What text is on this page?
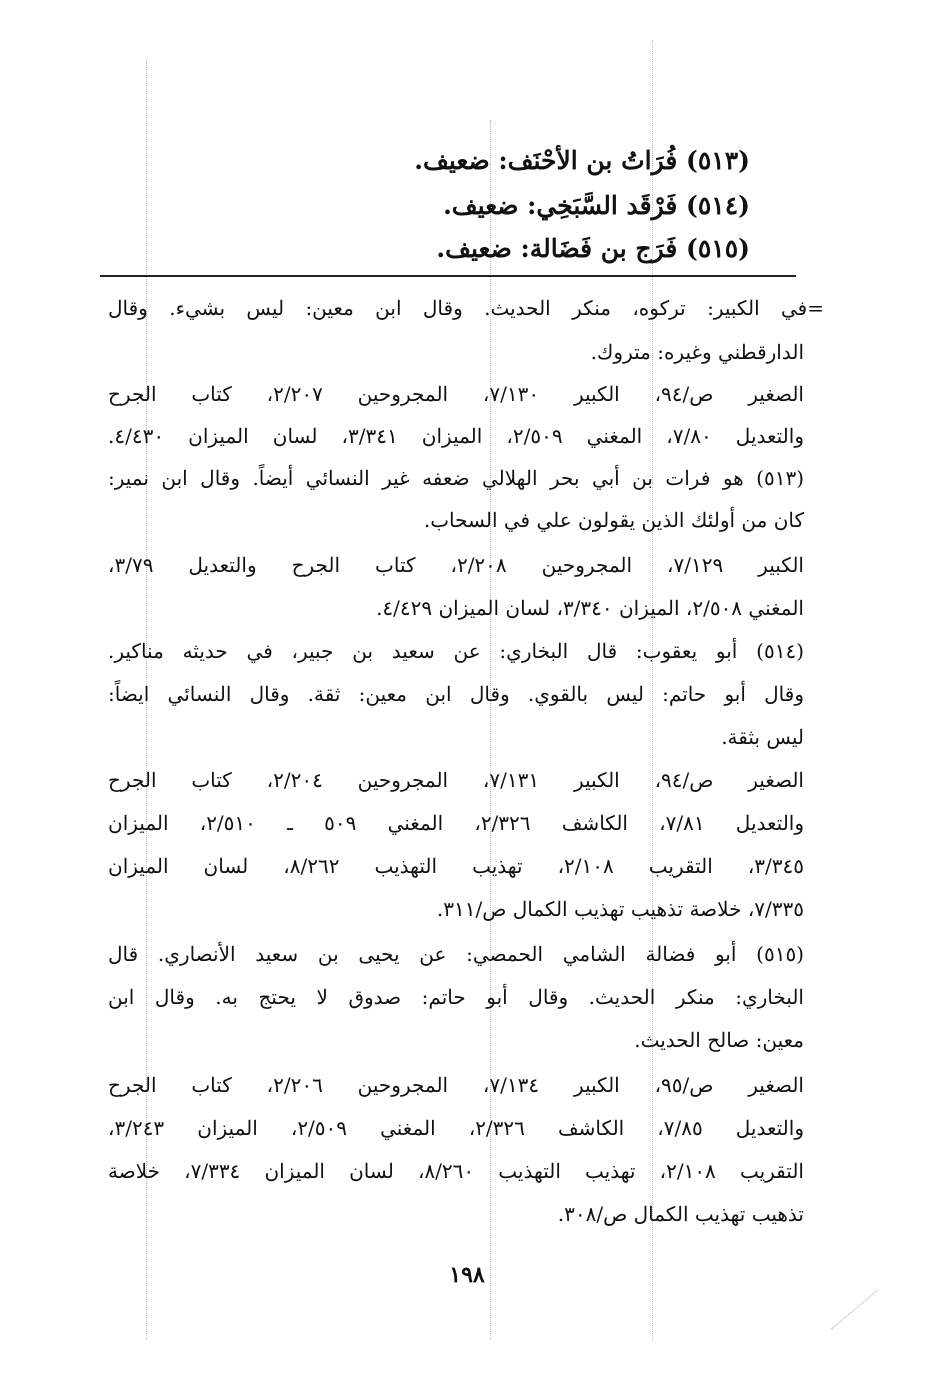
(٥١٣) فُرَاتُ بن الأحْنَف: ضعيف.
(٥١٤) فَرْقَد السَّبَخِي: ضعيف.
(٥١٥) فَرَج بن فَضَالة: ضعيف.
=في الكبير: تركوه، منكر الحديث. وقال ابن معين: ليس بشيء. وقال
الدارقطني وغيره: متروك.
الصغير ص/٩٤، الكبير ٧/١٣٠، المجروحين ٢/٢٠٧، كتاب الجرح
والتعديل ٧/٨٠، المغني ٢/٥٠٩، الميزان ٣/٣٤١، لسان الميزان ٤/٤٣٠.
(٥١٣) هو فرات بن أبي بحر الهلالي ضعفه غير النسائي أيضاً. وقال ابن نمير:
كان من أولئك الذين يقولون علي في السحاب.
الكبير ٧/١٢٩، المجروحين ٢/٢٠٨، كتاب الجرح والتعديل ٣/٧٩،
المغني ٢/٥٠٨، الميزان ٣/٣٤٠، لسان الميزان ٤/٤٢٩.
(٥١٤) أبو يعقوب: قال البخاري: عن سعيد بن جبير، في حديثه مناكير.
وقال أبو حاتم: ليس بالقوي. وقال ابن معين: ثقة. وقال النسائي ايضاً:
ليس بثقة.
الصغير ص/٩٤، الكبير ٧/١٣١، المجروحين ٢/٢٠٤، كتاب الجرح
والتعديل ٧/٨١، الكاشف ٢/٣٢٦، المغني ٥٠٩ ـ ٢/٥١٠، الميزان
٣/٣٤٥، التقريب ٢/١٠٨، تهذيب التهذيب ٨/٢٦٢، لسان الميزان
٧/٣٣٥، خلاصة تذهيب تهذيب الكمال ص/٣١١.
(٥١٥) أبو فضالة الشامي الحمصي: عن يحيى بن سعيد الأنصاري. قال
البخاري: منكر الحديث. وقال أبو حاتم: صدوق لا يحتج به. وقال ابن
معين: صالح الحديث.
الصغير ص/٩٥، الكبير ٧/١٣٤، المجروحين ٢/٢٠٦، كتاب الجرح
والتعديل ٧/٨٥، الكاشف ٢/٣٢٦، المغني ٢/٥٠٩، الميزان ٣/٢٤٣،
التقريب ٢/١٠٨، تهذيب التهذيب ٨/٢٦٠، لسان الميزان ٧/٣٣٤، خلاصة
تذهيب تهذيب الكمال ص/٣٠٨.
١٩٨
